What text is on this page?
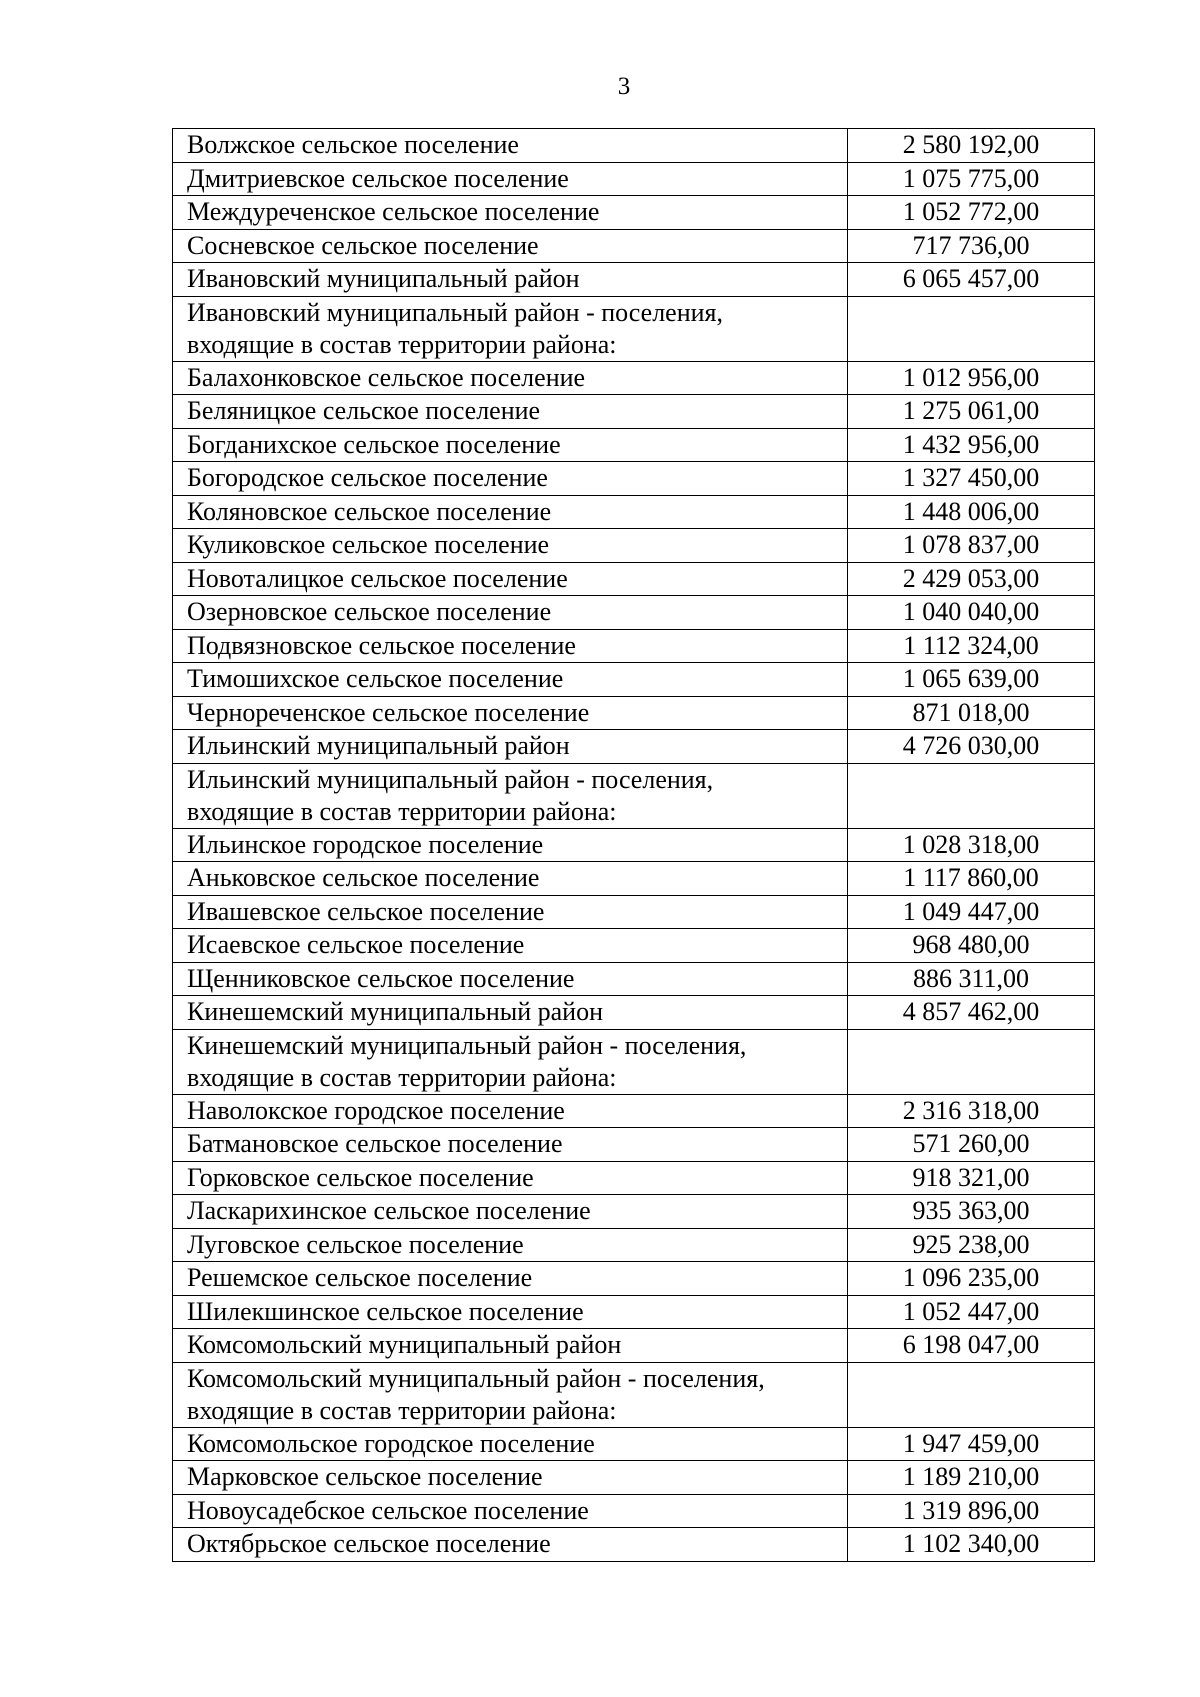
3
Волжское сельское поселение	2 580 192,00
Дмитриевское сельское поселение	1 075 775,00
Междуреченское сельское поселение	1 052 772,00
Сосневское сельское поселение	717 736,00
Ивановский муниципальный район	6 065 457,00

Ивановский муниципальный район - поселения,
входящие в состав территории района:	

Балахонковское сельское поселение	1 012 956,00
Беляницкое сельское поселение	1 275 061,00
Богданихское сельское поселение	1 432 956,00
Богородское сельское поселение	1 327 450,00
Коляновское сельское поселение	1 448 006,00
Куликовское сельское поселение	1 078 837,00
Новоталицкое сельское поселение	2 429 053,00
Озерновское сельское поселение	1 040 040,00
Подвязновское сельское поселение	1 112 324,00
Тимошихское сельское поселение	1 065 639,00
Чернореченское сельское поселение	871 018,00
Ильинский муниципальный район	4 726 030,00

Ильинский муниципальный район - поселения,
входящие в состав территории района:	

Ильинское городское поселение	1 028 318,00
Аньковское сельское поселение	1 117 860,00
Ивашевское сельское поселение	1 049 447,00
Исаевское сельское поселение	968 480,00
Щенниковское сельское поселение	886 311,00
Кинешемский муниципальный район	4 857 462,00

Кинешемский муниципальный район - поселения,
входящие в состав территории района:	

Наволокское городское поселение	2 316 318,00
Батмановское сельское поселение	571 260,00
Горковское сельское поселение	918 321,00
Ласкарихинское сельское поселение	935 363,00
Луговское сельское поселение	925 238,00
Решемское сельское поселение	1 096 235,00
Шилекшинское сельское поселение	1 052 447,00
Комсомольский муниципальный район	6 198 047,00

Комсомольский муниципальный район - поселения,
входящие в состав территории района:	

Комсомольское городское поселение	1 947 459,00
Марковское сельское поселение	1 189 210,00
Новоусадебское сельское поселение	1 319 896,00
Октябрьское сельское поселение	1 102 340,00
